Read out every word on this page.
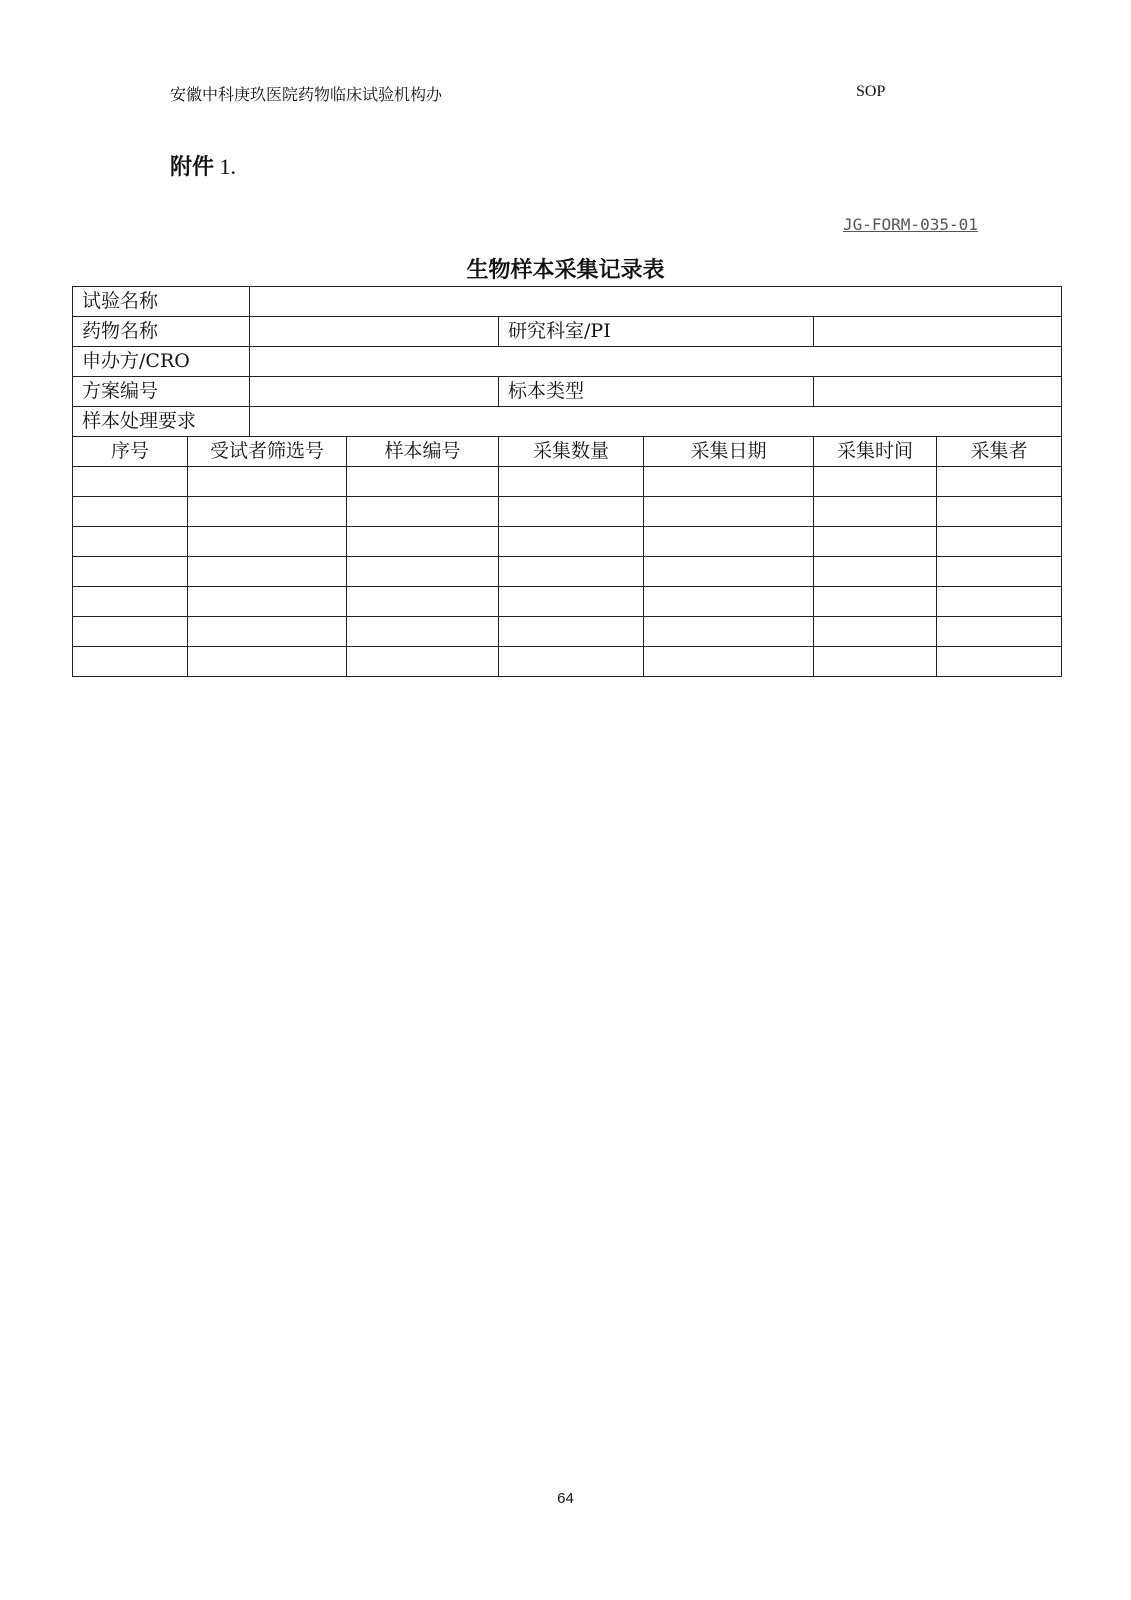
安徽中科庚玖医院药物临床试验机构办	SOP
附件 1.
JG-FORM-035-01
生物样本采集记录表
试验名称							
药物名称				研究科室/PI			
申办方/CRO							
方案编号				标本类型			
样本处理要求							
序号	受试者筛选号		样本编号	采集数量	采集日期	采集时间	采集者

64
